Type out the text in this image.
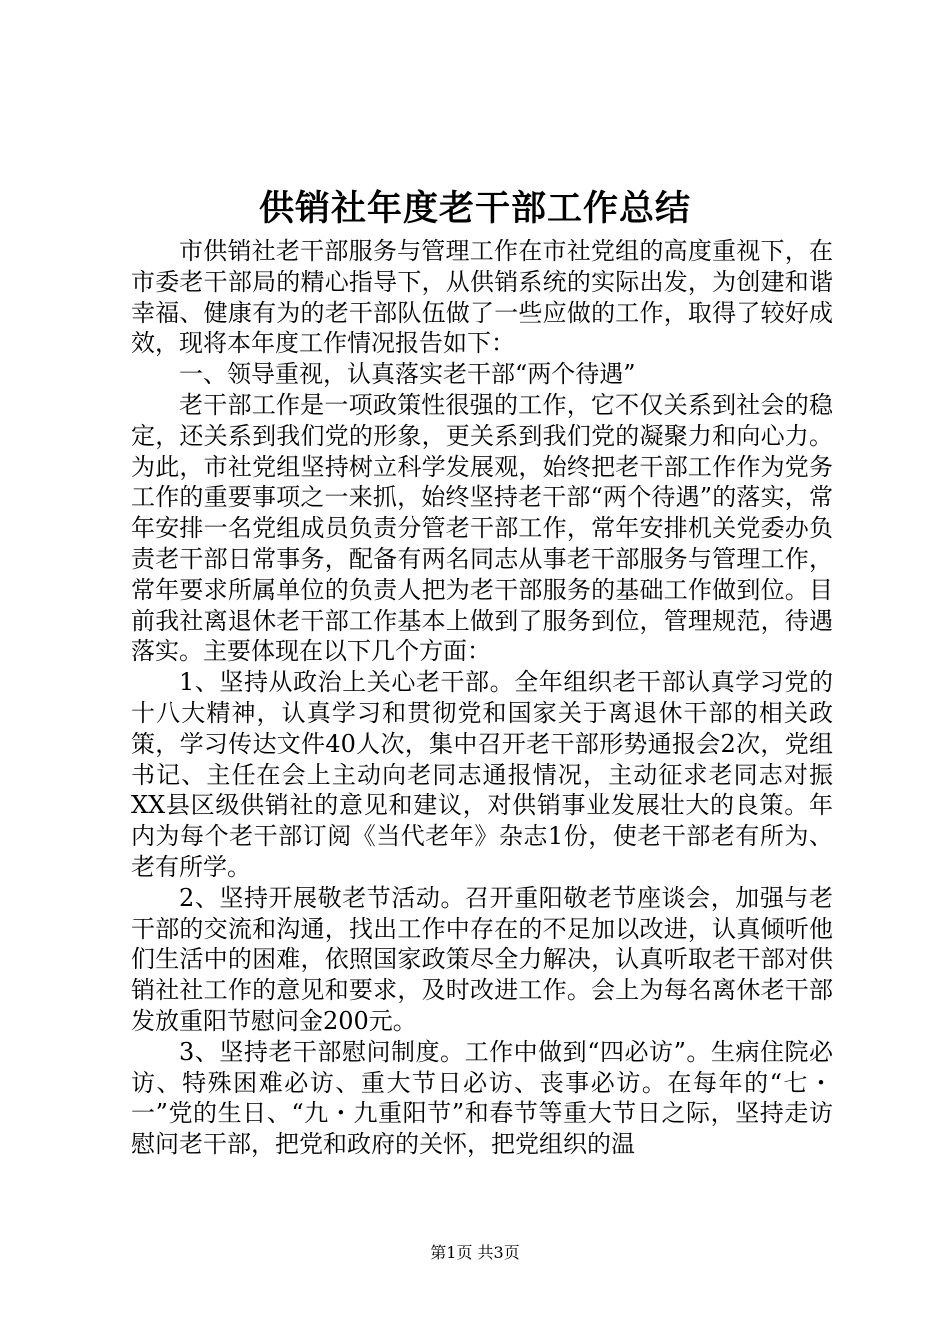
供销社年度老干部工作总结

市供销社老干部服务与管理工作在市社党组的高度重视下，在市委老干部局的精心指导下，从供销系统的实际出发，为创建和谐幸福、健康有为的老干部队伍做了一些应做的工作，取得了较好成效，现将本年度工作情况报告如下：

一、领导重视，认真落实老干部“两个待遇”

老干部工作是一项政策性很强的工作，它不仅关系到社会的稳定，还关系到我们党的形象，更关系到我们党的凝聚力和向心力。为此，市社党组坚持树立科学发展观，始终把老干部工作作为党务工作的重要事项之一来抓，始终坚持老干部“两个待遇”的落实，常年安排一名党组成员负责分管老干部工作，常年安排机关党委办负责老干部日常事务，配备有两名同志从事老干部服务与管理工作，常年要求所属单位的负责人把为老干部服务的基础工作做到位。目前我社离退休老干部工作基本上做到了服务到位，管理规范，待遇落实。主要体现在以下几个方面：

1、坚持从政治上关心老干部。全年组织老干部认真学习党的十八大精神，认真学习和贯彻党和国家关于离退休干部的相关政策，学习传达文件40人次，集中召开老干部形势通报会2次，党组书记、主任在会上主动向老同志通报情况，主动征求老同志对振XX县区级供销社的意见和建议，对供销事业发展壮大的良策。年内为每个老干部订阅《当代老年》杂志1份，使老干部老有所为、老有所学。

2、坚持开展敬老节活动。召开重阳敬老节座谈会，加强与老干部的交流和沟通，找出工作中存在的不足加以改进，认真倾听他们生活中的困难，依照国家政策尽全力解决，认真听取老干部对供销社社工作的意见和要求，及时改进工作。会上为每名离休老干部发放重阳节慰问金200元。

3、坚持老干部慰问制度。工作中做到“四必访”。生病住院必访、特殊困难必访、重大节日必访、丧事必访。在每年的“七・一”党的生日、“九・九重阳节”和春节等重大节日之际，坚持走访慰问老干部，把党和政府的关怀，把党组织的温

第1页 共3页
